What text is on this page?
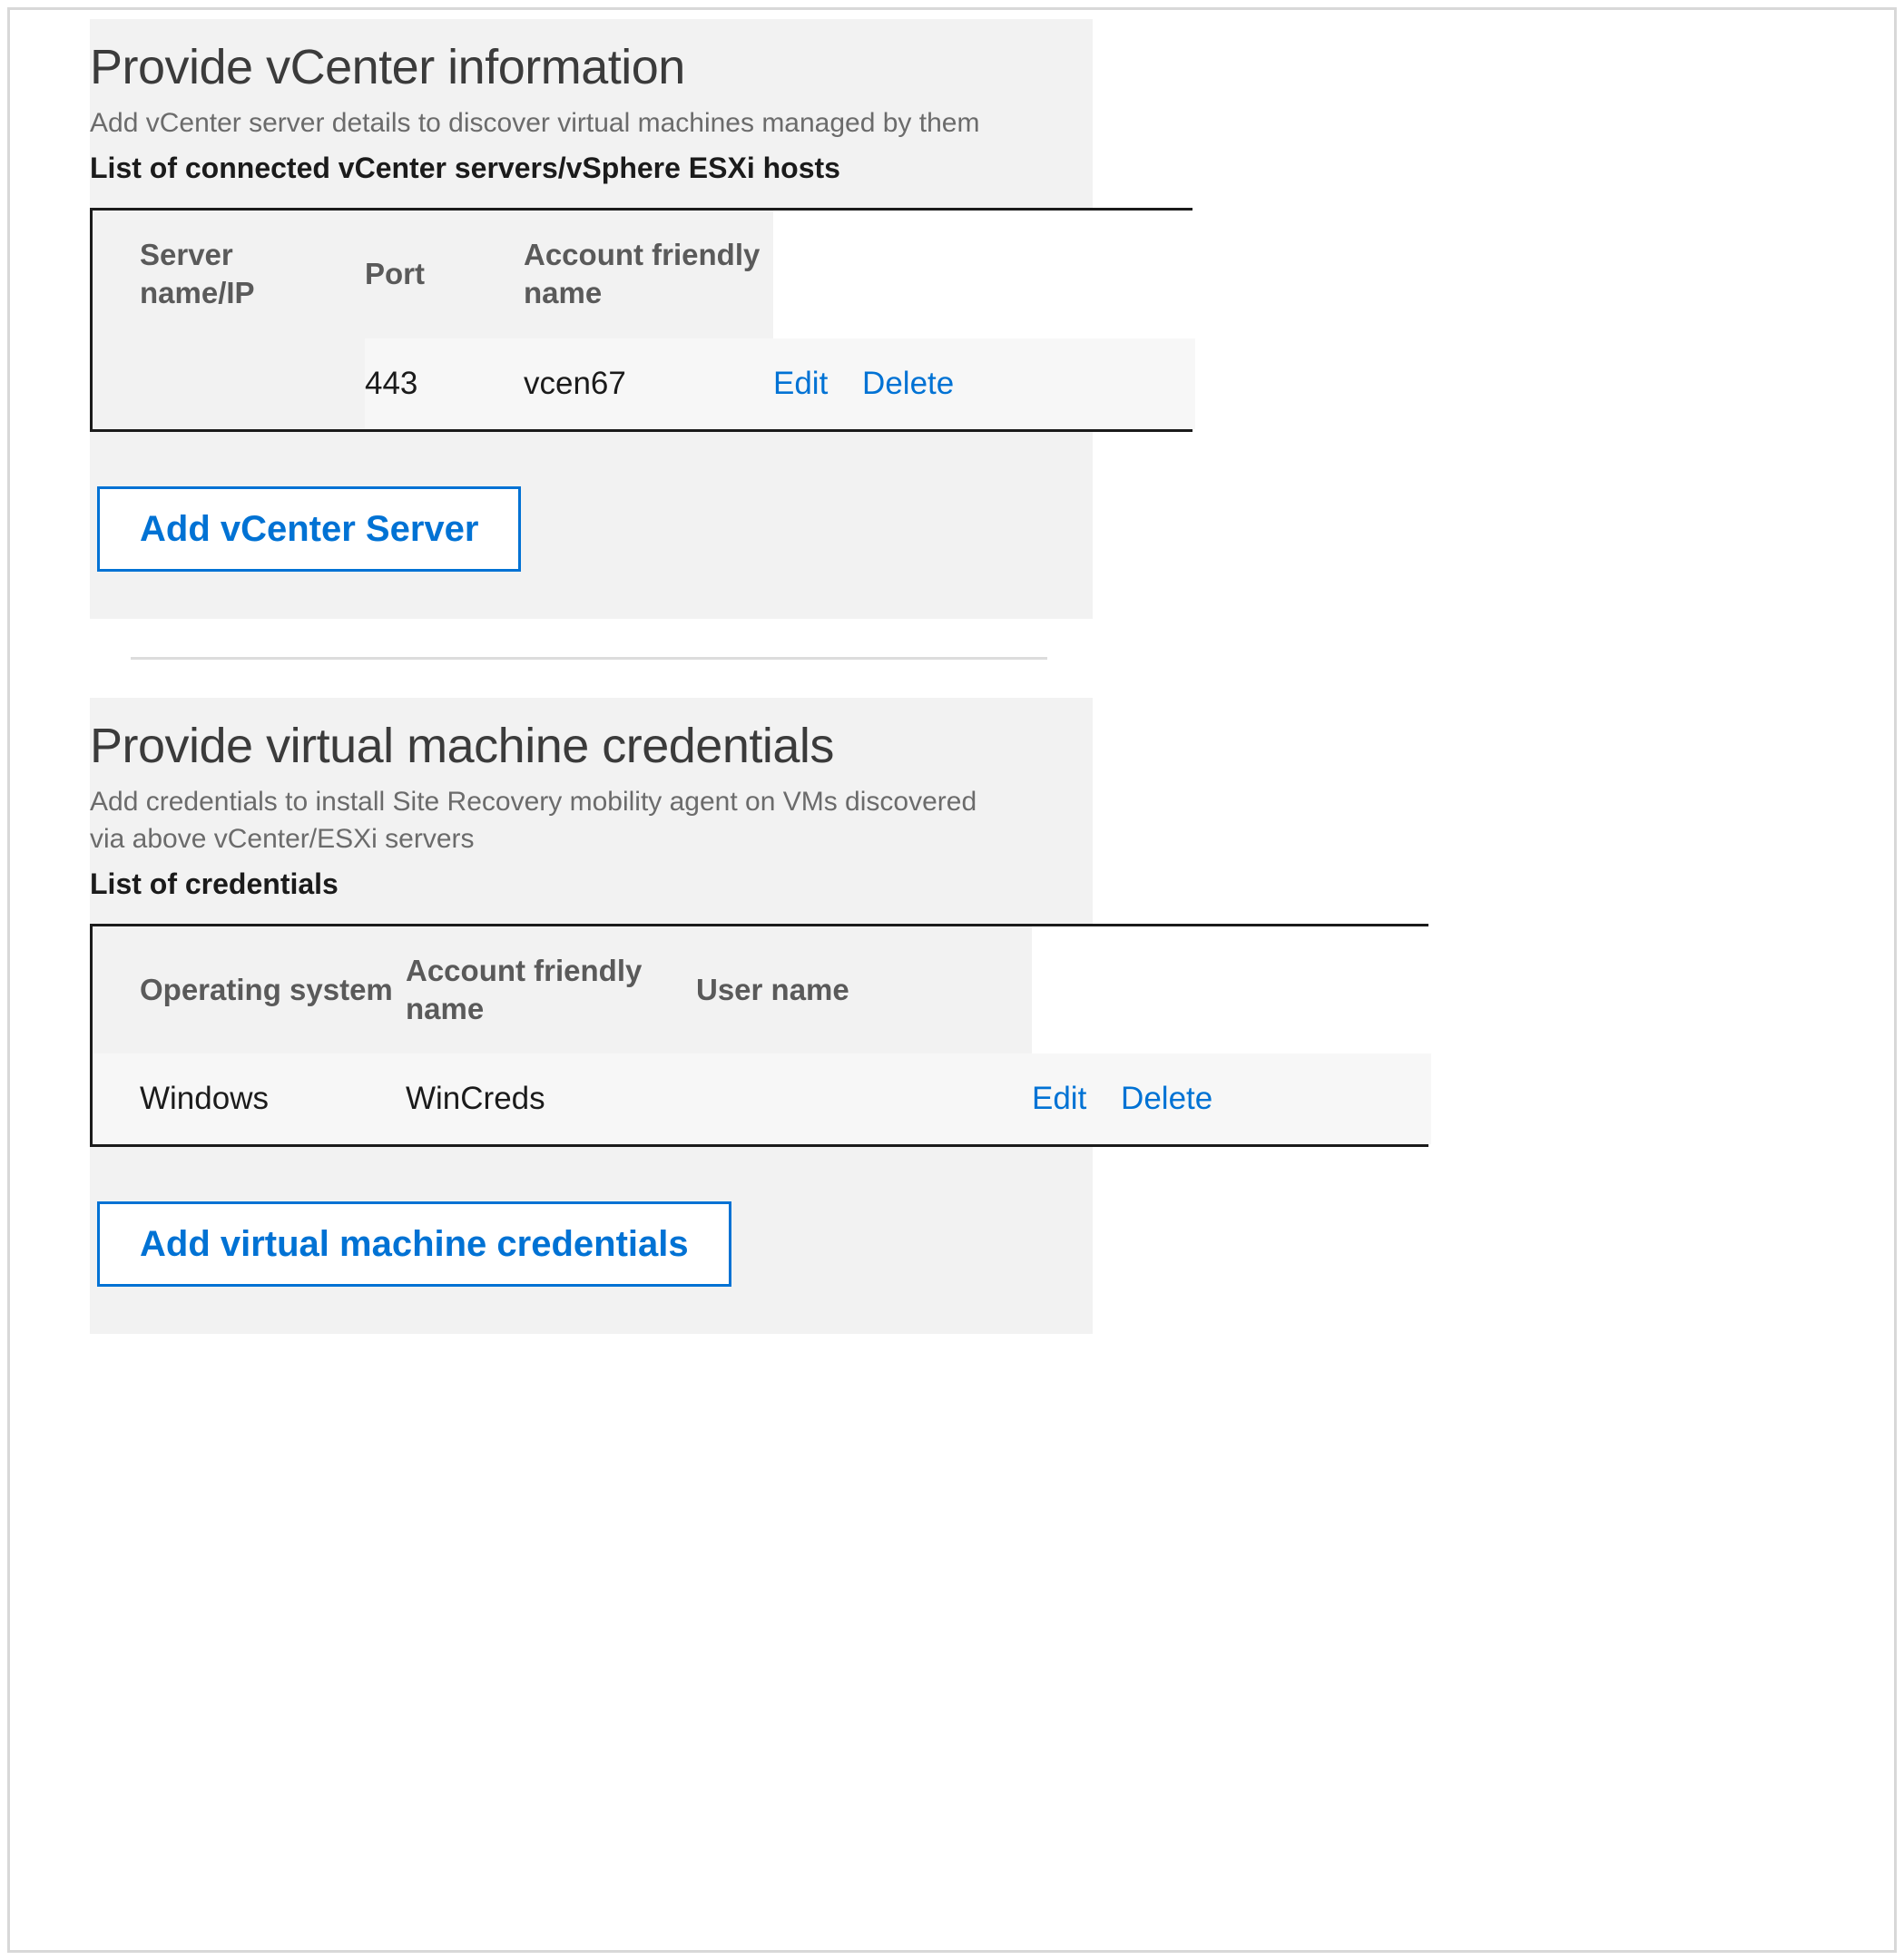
Provide vCenter information

Add vCenter server details to discover virtual machines managed by them

List of connected vCenter servers/vSphere ESXi hosts

Server name/IP	Port	Account friendly name	
	443	vcen67	Edit Delete
Add vCenter Server
Provide virtual machine credentials

Add credentials to install Site Recovery mobility agent on VMs discovered via above vCenter/ESXi servers

List of credentials

Operating system	Account friendly name	User name	
Windows	WinCreds		Edit Delete
Add virtual machine credentials
